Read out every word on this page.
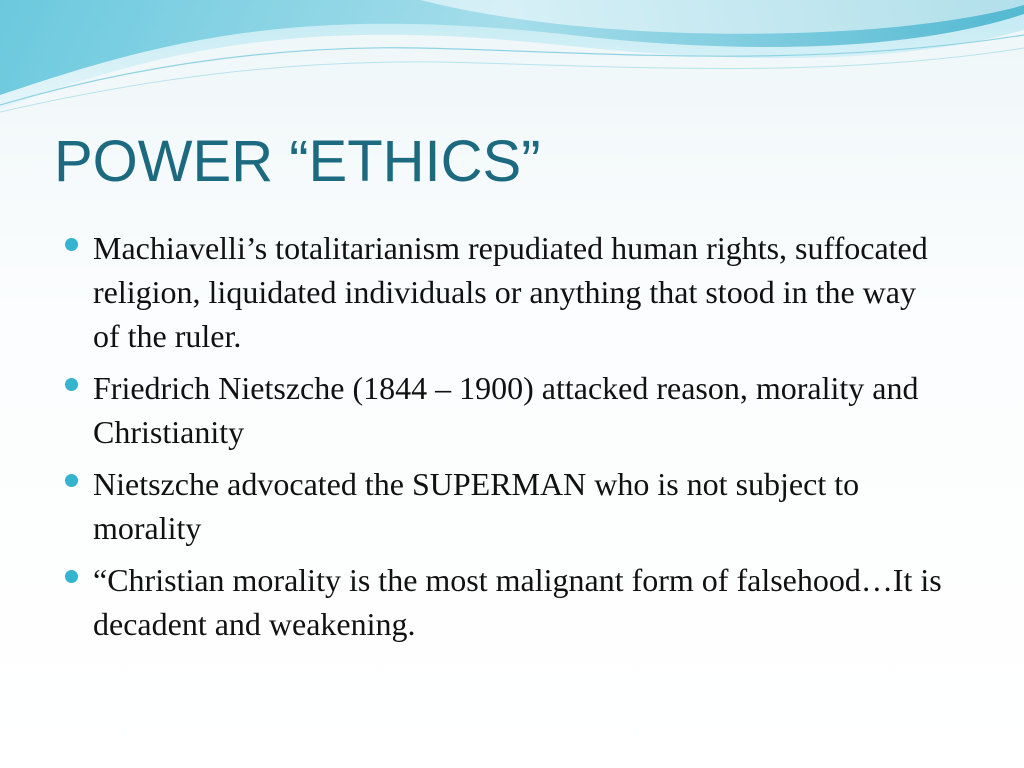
POWER “ETHICS”
Machiavelli’s totalitarianism repudiated human rights, suffocated religion, liquidated individuals or anything that stood in the way of the ruler.
Friedrich Nietszche (1844 – 1900) attacked reason, morality and Christianity
Nietszche advocated the SUPERMAN who is not subject to morality
“Christian morality is the most malignant form of falsehood…It is decadent and weakening.
